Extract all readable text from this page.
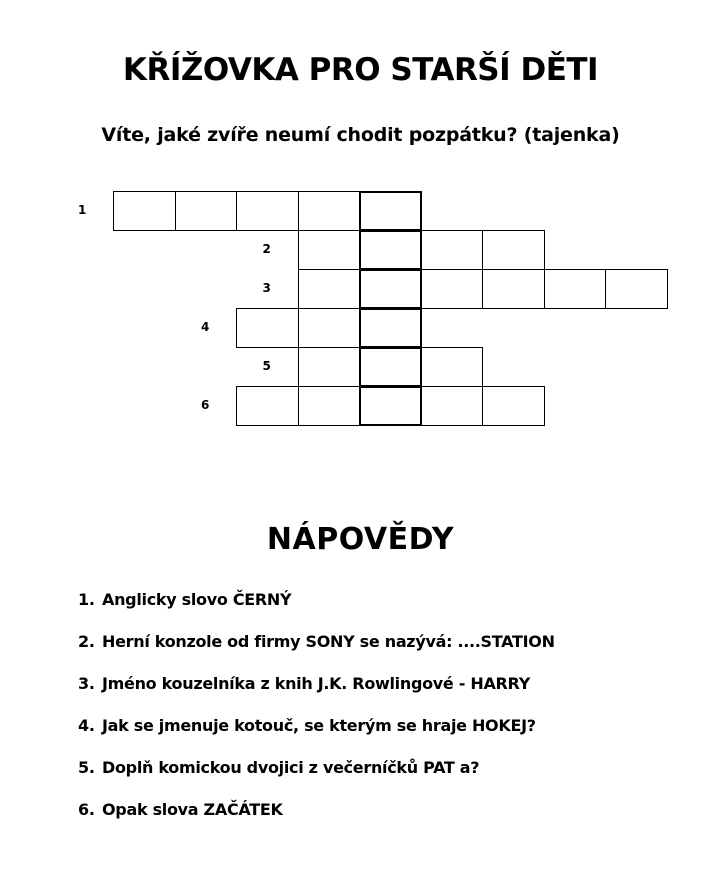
KŘÍŽOVKA PRO STARŠÍ DĚTI
Víte, jaké zvíře neumí chodit pozpátku? (tajenka)
1
2
3
4
5
6
NÁPOVĚDY
1. Anglicky slovo ČERNÝ
2. Herní konzole od firmy SONY se nazývá: ....STATION
3. Jméno kouzelníka z knih J.K. Rowlingové - HARRY
4. Jak se jmenuje kotouč, se kterým se hraje HOKEJ?
5. Doplň komickou dvojici z večerníčků PAT a?
6. Opak slova ZAČÁTEK
